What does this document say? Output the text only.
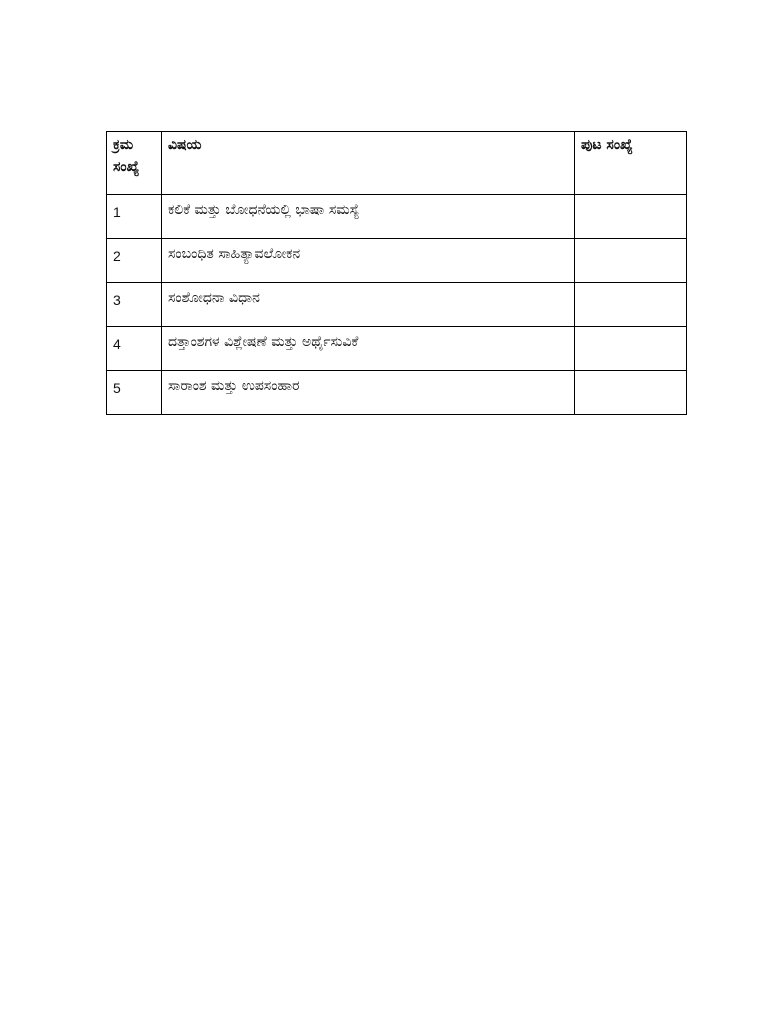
ಕ್ರಮ
ಸಂಖ್ಯೆ	ವಿಷಯ	ಪುಟ ಸಂಖ್ಯೆ
1	ಕಲಿಕೆ ಮತ್ತು ಬೋಧನೆಯಲ್ಲಿ ಭಾಷಾ ಸಮಸ್ಯೆ	
2	ಸಂಬಂಧಿತ ಸಾಹಿತ್ಯಾವಲೋಕನ	
3	ಸಂಶೋಧನಾ ವಿಧಾನ	
4	ದತ್ತಾಂಶಗಳ ವಿಶ್ಲೇಷಣೆ ಮತ್ತು ಅರ್ಥೈಸುವಿಕೆ	
5	ಸಾರಾಂಶ ಮತ್ತು ಉಪಸಂಹಾರ	
